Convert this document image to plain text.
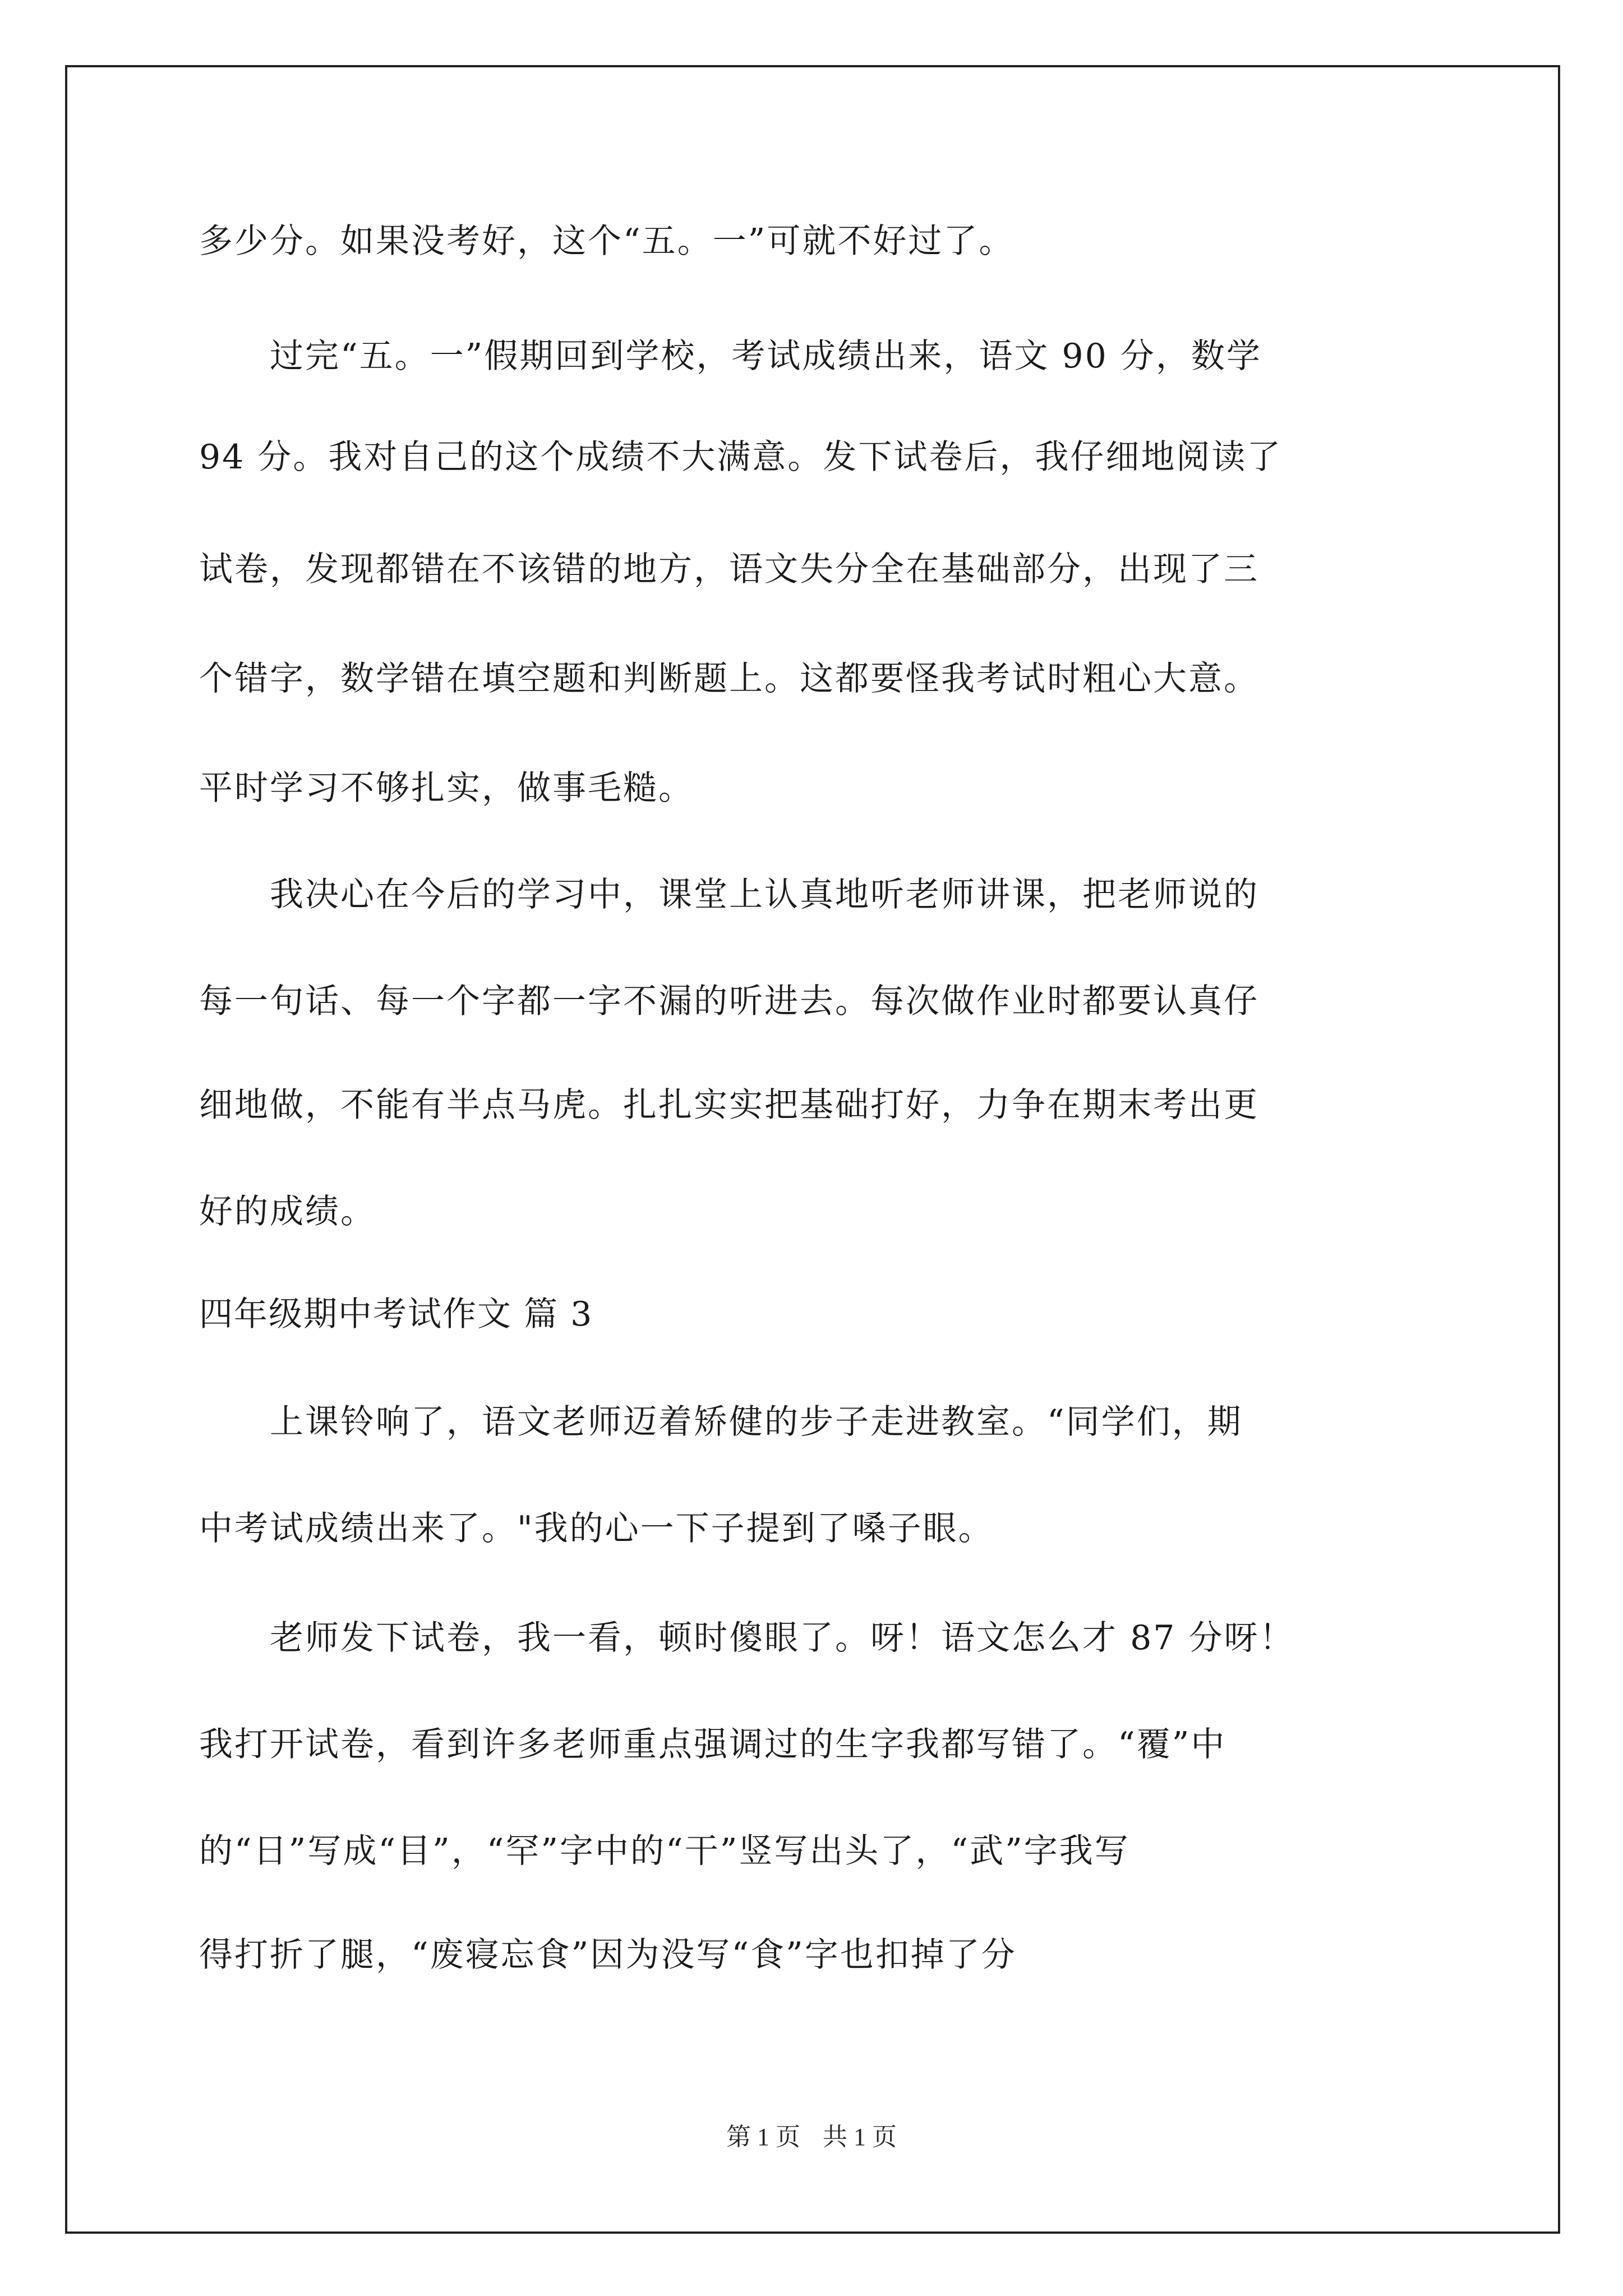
多少分。如果没考好，这个“五。一”可就不好过了。
　　过完“五。一”假期回到学校，考试成绩出来，语文 90 分，数学
94 分。我对自己的这个成绩不大满意。发下试卷后，我仔细地阅读了
试卷，发现都错在不该错的地方，语文失分全在基础部分，出现了三
个错字，数学错在填空题和判断题上。这都要怪我考试时粗心大意。
平时学习不够扎实，做事毛糙。
　　我决心在今后的学习中，课堂上认真地听老师讲课，把老师说的
每一句话、每一个字都一字不漏的听进去。每次做作业时都要认真仔
细地做，不能有半点马虎。扎扎实实把基础打好，力争在期末考出更
好的成绩。
四年级期中考试作文 篇 3
　　上课铃响了，语文老师迈着矫健的步子走进教室。“同学们，期
中考试成绩出来了。"我的心一下子提到了嗓子眼。
　　老师发下试卷，我一看，顿时傻眼了。呀！语文怎么才 87 分呀！
我打开试卷，看到许多老师重点强调过的生字我都写错了。“覆”中
的“日”写成“目”，“罕”字中的“干”竖写出头了，“武”字我写
得打折了腿，“废寝忘食”因为没写“食”字也扣掉了分
第 1 页 共 1 页
